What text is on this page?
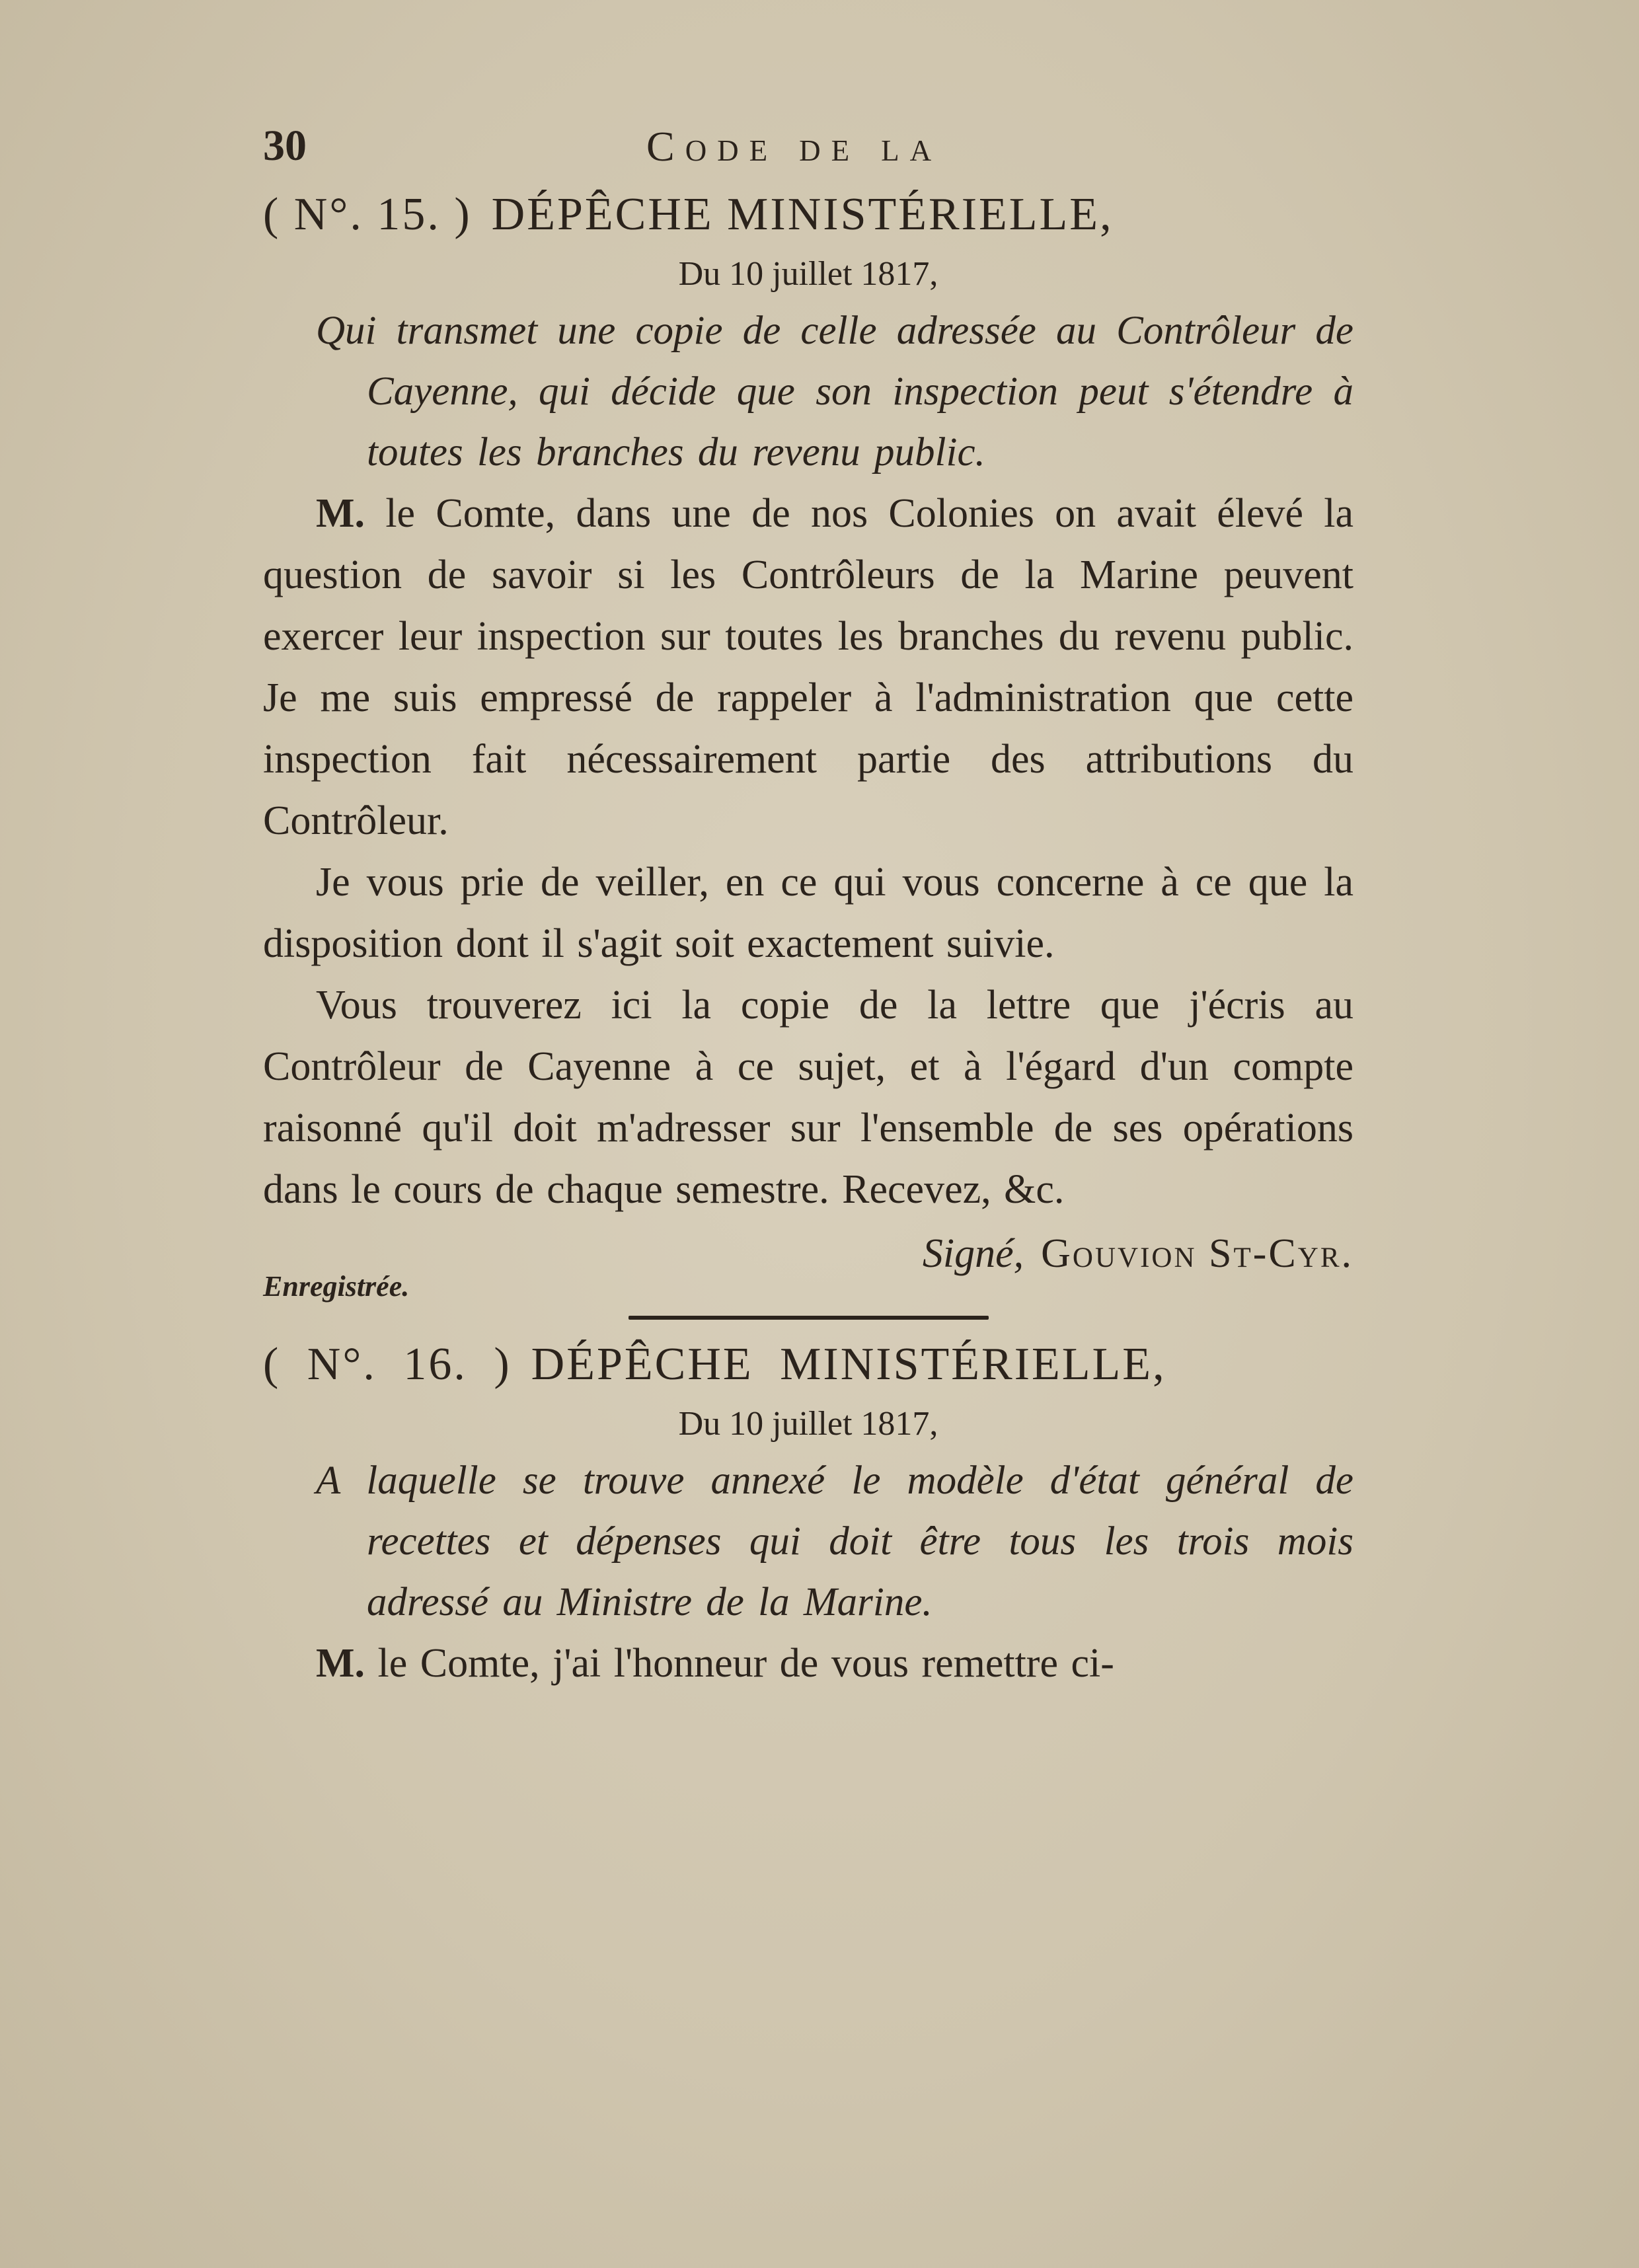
30	Code de la

( N°. 15. ) DÉPÊCHE MINISTÉRIELLE,

Du 10 juillet 1817,

Qui transmet une copie de celle adressée au Contrôleur de Cayenne, qui décide que son inspection peut s'étendre à toutes les branches du revenu public.

M. le Comte, dans une de nos Colonies on avait élevé la question de savoir si les Contrôleurs de la Marine peuvent exercer leur inspection sur toutes les branches du revenu public. Je me suis empressé de rappeler à l'administration que cette inspection fait nécessairement partie des attributions du Contrôleur.

Je vous prie de veiller, en ce qui vous concerne à ce que la disposition dont il s'agit soit exactement suivie.

Vous trouverez ici la copie de la lettre que j'écris au Contrôleur de Cayenne à ce sujet, et à l'égard d'un compte raisonné qu'il doit m'adresser sur l'ensemble de ses opérations dans le cours de chaque semestre. Recevez, &c.

Signé, Gouvion St-Cyr.

Enregistrée.

( N°. 16. ) DÉPÊCHE MINISTÉRIELLE,

Du 10 juillet 1817,

A laquelle se trouve annexé le modèle d'état général de recettes et dépenses qui doit être tous les trois mois adressé au Ministre de la Marine.

M. le Comte, j'ai l'honneur de vous remettre ci-
